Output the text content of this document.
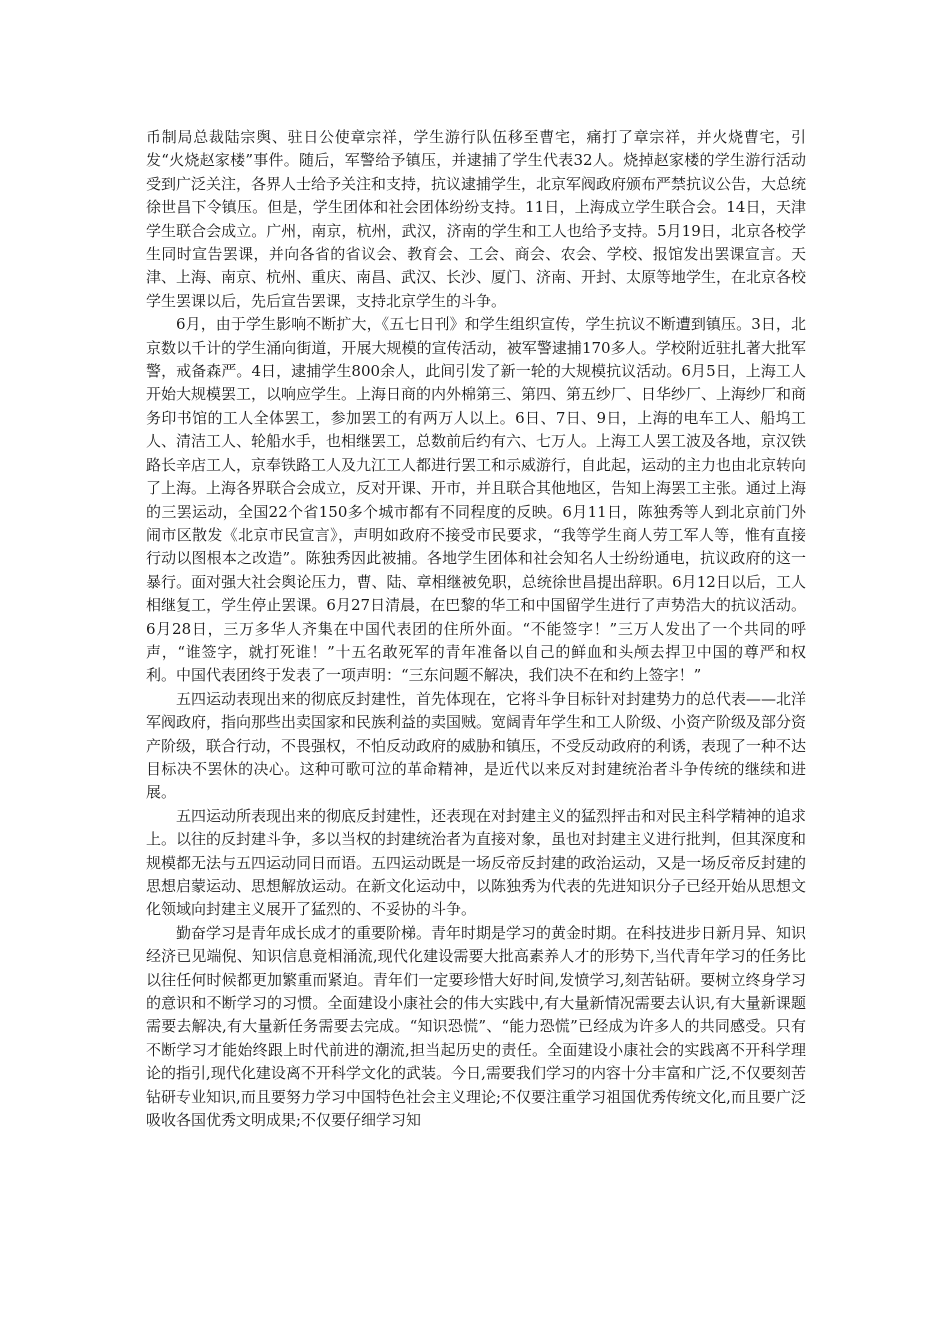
币制局总裁陆宗舆、驻日公使章宗祥，学生游行队伍移至曹宅，痛打了章宗祥，并火烧曹宅，引发“火烧赵家楼”事件。随后，军警给予镇压，并逮捕了学生代表32人。烧掉赵家楼的学生游行活动受到广泛关注，各界人士给予关注和支持，抗议逮捕学生，北京军阀政府颁布严禁抗议公告，大总统徐世昌下令镇压。但是，学生团体和社会团体纷纷支持。11日，上海成立学生联合会。14日，天津学生联合会成立。广州，南京，杭州，武汉，济南的学生和工人也给予支持。5月19日，北京各校学生同时宣告罢课，并向各省的省议会、教育会、工会、商会、农会、学校、报馆发出罢课宣言。天津、上海、南京、杭州、重庆、南昌、武汉、长沙、厦门、济南、开封、太原等地学生，在北京各校学生罢课以后，先后宣告罢课，支持北京学生的斗争。

6月，由于学生影响不断扩大，《五七日刊》和学生组织宣传，学生抗议不断遭到镇压。3日，北京数以千计的学生涌向街道，开展大规模的宣传活动，被军警逮捕170多人。学校附近驻扎著大批军警，戒备森严。4日，逮捕学生800余人，此间引发了新一轮的大规模抗议活动。6月5日，上海工人开始大规模罢工，以响应学生。上海日商的内外棉第三、第四、第五纱厂、日华纱厂、上海纱厂和商务印书馆的工人全体罢工，参加罢工的有两万人以上。6日、7日、9日，上海的电车工人、船坞工人、清洁工人、轮船水手，也相继罢工，总数前后约有六、七万人。上海工人罢工波及各地，京汉铁路长辛店工人，京奉铁路工人及九江工人都进行罢工和示威游行，自此起，运动的主力也由北京转向了上海。上海各界联合会成立，反对开课、开市，并且联合其他地区，告知上海罢工主张。通过上海的三罢运动，全国22个省150多个城市都有不同程度的反映。6月11日，陈独秀等人到北京前门外闹市区散发《北京市民宣言》，声明如政府不接受市民要求，“我等学生商人劳工军人等，惟有直接行动以图根本之改造”。陈独秀因此被捕。各地学生团体和社会知名人士纷纷通电，抗议政府的这一暴行。面对强大社会舆论压力，曹、陆、章相继被免职，总统徐世昌提出辞职。6月12日以后，工人相继复工，学生停止罢课。6月27日清晨，在巴黎的华工和中国留学生进行了声势浩大的抗议活动。6月28日，三万多华人齐集在中国代表团的住所外面。“不能签字！”三万人发出了一个共同的呼声，“谁签字，就打死谁！”十五名敢死军的青年准备以自己的鲜血和头颅去捍卫中国的尊严和权利。中国代表团终于发表了一项声明：“三东问题不解决，我们决不在和约上签字！”

五四运动表现出来的彻底反封建性，首先体现在，它将斗争目标针对封建势力的总代表——北洋军阀政府，指向那些出卖国家和民族利益的卖国贼。宽阔青年学生和工人阶级、小资产阶级及部分资产阶级，联合行动，不畏强权，不怕反动政府的威胁和镇压，不受反动政府的利诱，表现了一种不达目标决不罢休的决心。这种可歌可泣的革命精神，是近代以来反对封建统治者斗争传统的继续和进展。

五四运动所表现出来的彻底反封建性，还表现在对封建主义的猛烈抨击和对民主科学精神的追求上。以往的反封建斗争，多以当权的封建统治者为直接对象，虽也对封建主义进行批判，但其深度和规模都无法与五四运动同日而语。五四运动既是一场反帝反封建的政治运动，又是一场反帝反封建的思想启蒙运动、思想解放运动。在新文化运动中，以陈独秀为代表的先进知识分子已经开始从思想文化领域向封建主义展开了猛烈的、不妥协的斗争。

勤奋学习是青年成长成才的重要阶梯。青年时期是学习的黄金时期。在科技进步日新月异、知识经济已见端倪、知识信息竟相涌流,现代化建设需要大批高素养人才的形势下,当代青年学习的任务比以往任何时候都更加繁重而紧迫。青年们一定要珍惜大好时间,发愤学习,刻苦钻研。要树立终身学习的意识和不断学习的习惯。全面建设小康社会的伟大实践中,有大量新情况需要去认识,有大量新课题需要去解决,有大量新任务需要去完成。“知识恐慌”、“能力恐慌”已经成为许多人的共同感受。只有不断学习才能始终跟上时代前进的潮流,担当起历史的责任。全面建设小康社会的实践离不开科学理论的指引,现代化建设离不开科学文化的武装。今日,需要我们学习的内容十分丰富和广泛,不仅要刻苦钻研专业知识,而且要努力学习中国特色社会主义理论;不仅要注重学习祖国优秀传统文化,而且要广泛吸收各国优秀文明成果;不仅要仔细学习知
